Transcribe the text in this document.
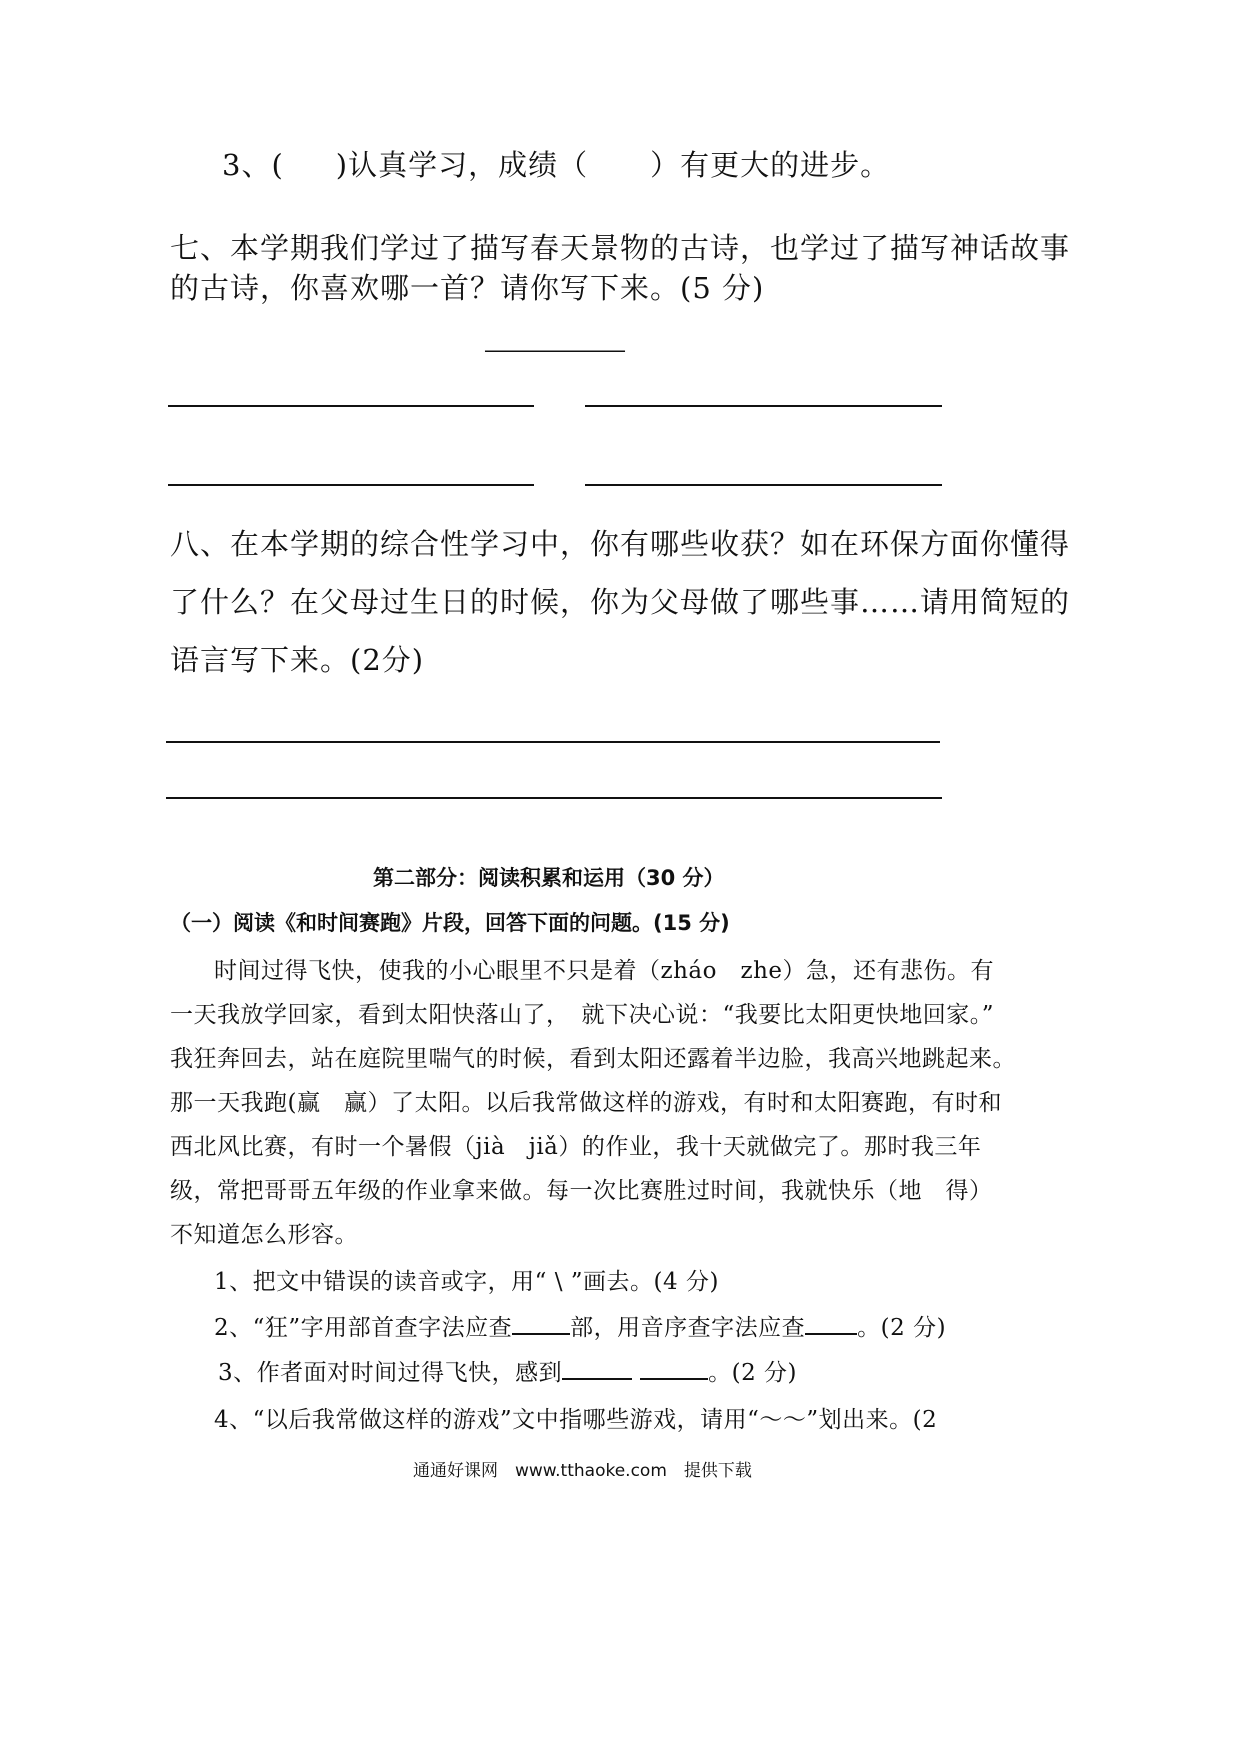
3、( )认真学习，成绩（ ）有更大的进步。
七、本学期我们学过了描写春天景物的古诗，也学过了描写神话故事
的古诗，你喜欢哪一首？请你写下来。(5 分)
———————
八、在本学期的综合性学习中，你有哪些收获？如在环保方面你懂得
了什么？在父母过生日的时候，你为父母做了哪些事……请用简短的
语言写下来。(2分)
第二部分：阅读积累和运用（30 分）
（一）阅读《和时间赛跑》片段，回答下面的问题。(15 分)
时间过得飞快，使我的小心眼里不只是着（zháo　zhe）急，还有悲伤。有
一天我放学回家，看到太阳快落山了，　就下决心说：“我要比太阳更快地回家。”
我狂奔回去，站在庭院里喘气的时候，看到太阳还露着半边脸，我高兴地跳起来。
那一天我跑(赢　赢）了太阳。以后我常做这样的游戏，有时和太阳赛跑，有时和
西北风比赛，有时一个暑假（jià　jiǎ）的作业，我十天就做完了。那时我三年
级，常把哥哥五年级的作业拿来做。每一次比赛胜过时间，我就快乐（地　得）
不知道怎么形容。
1、把文中错误的读音或字，用“ \ ”画去。(4 分)
2、“狂”字用部首查字法应查	部，用音序查字法应查 。(2 分)
3、作者面对时间过得飞快，感到	。(2 分)
4、“以后我常做这样的游戏”文中指哪些游戏，请用“～～”划出来。(2
通通好课网　www.tthaoke.com　提供下载
